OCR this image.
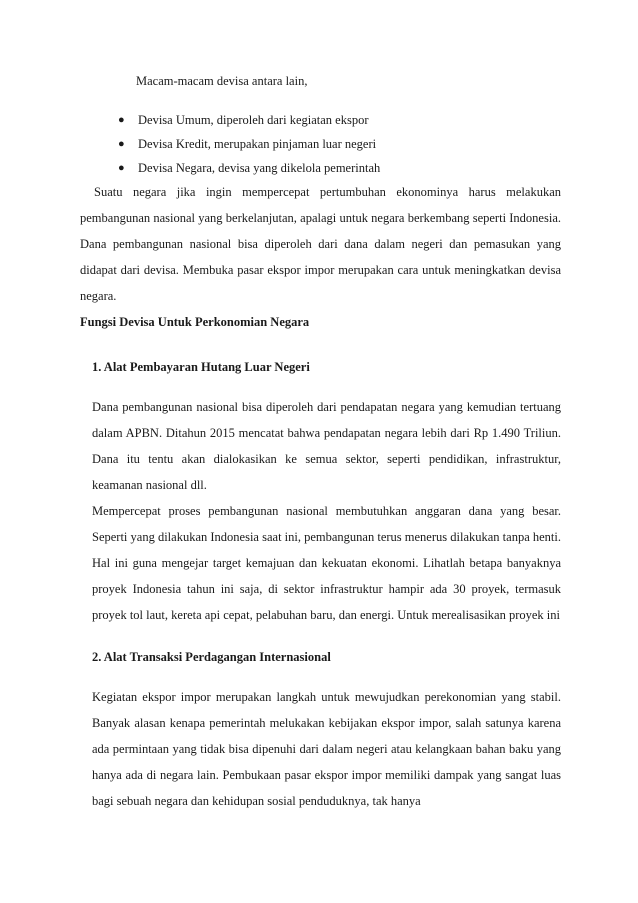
Macam-macam devisa antara lain,

● Devisa Umum, diperoleh dari kegiatan ekspor
● Devisa Kredit, merupakan pinjaman luar negeri
● Devisa Negara, devisa yang dikelola pemerintah

Suatu negara jika ingin mempercepat pertumbuhan ekonominya harus melakukan pembangunan nasional yang berkelanjutan, apalagi untuk negara berkembang seperti Indonesia. Dana pembangunan nasional bisa diperoleh dari dana dalam negeri dan pemasukan yang didapat dari devisa. Membuka pasar ekspor impor merupakan cara untuk meningkatkan devisa negara.

Fungsi Devisa Untuk Perkonomian Negara
1. Alat Pembayaran Hutang Luar Negeri

Dana pembangunan nasional bisa diperoleh dari pendapatan negara yang kemudian tertuang dalam APBN. Ditahun 2015 mencatat bahwa pendapatan negara lebih dari Rp 1.490 Triliun. Dana itu tentu akan dialokasikan ke semua sektor, seperti pendidikan, infrastruktur, keamanan nasional dll.

Mempercepat proses pembangunan nasional membutuhkan anggaran dana yang besar. Seperti yang dilakukan Indonesia saat ini, pembangunan terus menerus dilakukan tanpa henti. Hal ini guna mengejar target kemajuan dan kekuatan ekonomi. Lihatlah betapa banyaknya proyek Indonesia tahun ini saja, di sektor infrastruktur hampir ada 30 proyek, termasuk proyek tol laut, kereta api cepat, pelabuhan baru, dan energi. Untuk merealisasikan proyek ini

2. Alat Transaksi Perdagangan Internasional

Kegiatan ekspor impor merupakan langkah untuk mewujudkan perekonomian yang stabil. Banyak alasan kenapa pemerintah melukakan kebijakan ekspor impor, salah satunya karena ada permintaan yang tidak bisa dipenuhi dari dalam negeri atau kelangkaan bahan baku yang hanya ada di negara lain. Pembukaan pasar ekspor impor memiliki dampak yang sangat luas bagi sebuah negara dan kehidupan sosial penduduknya, tak hanya
